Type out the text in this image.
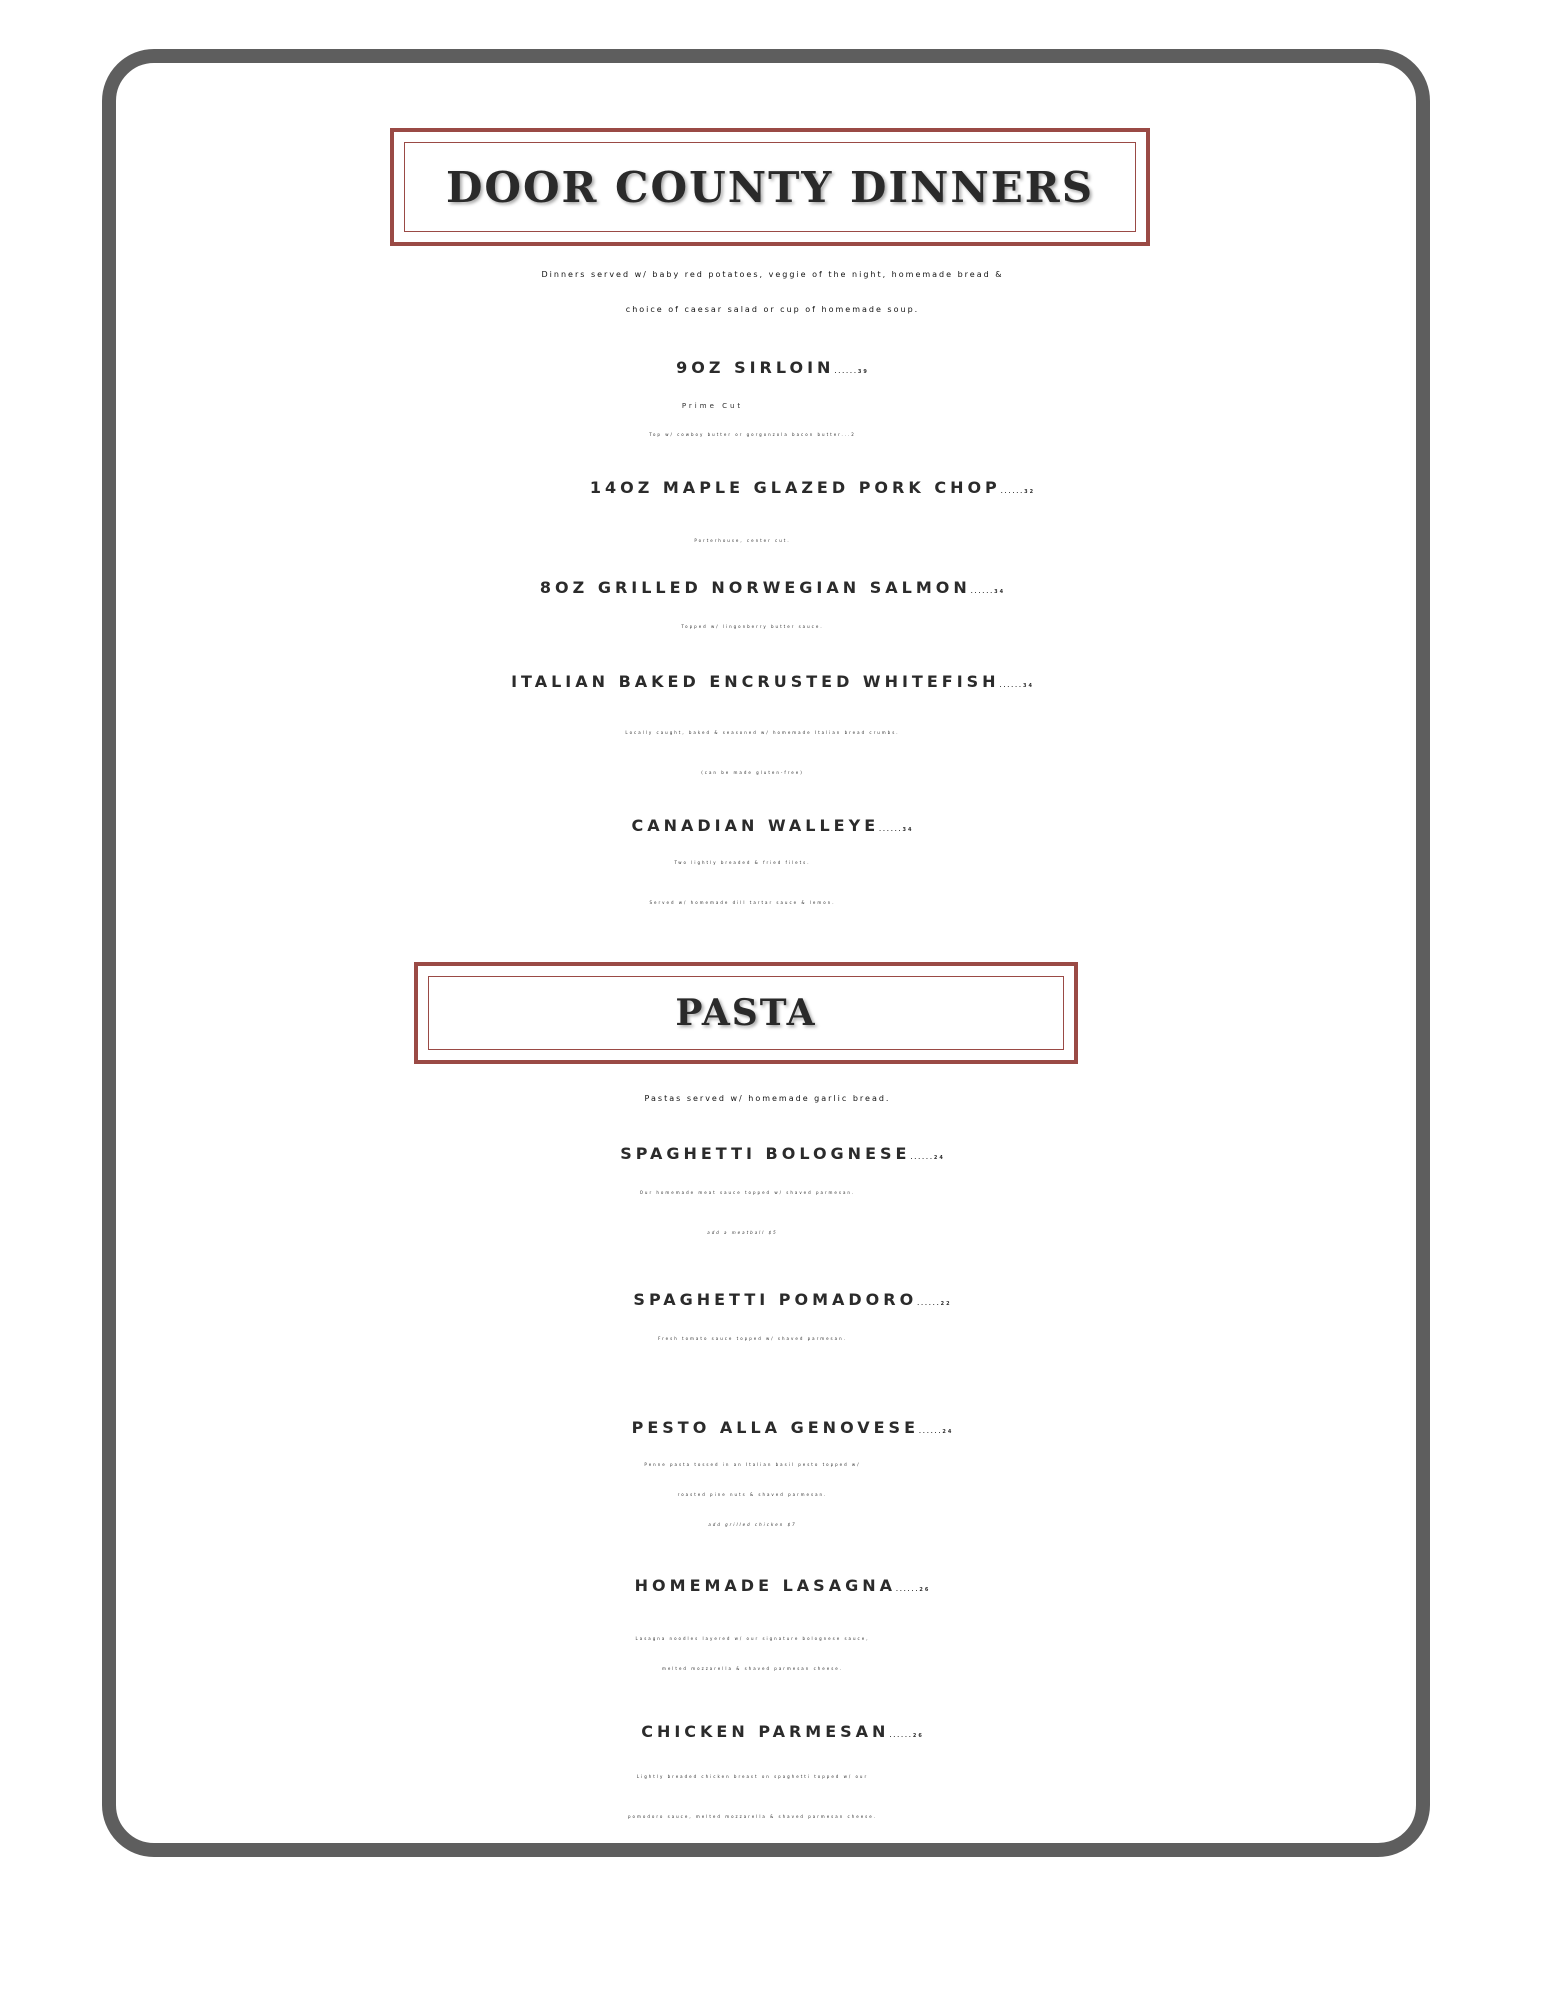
DOOR COUNTY DINNERS
Dinners served w/ baby red potatoes, veggie of the night, homemade bread &
choice of caesar salad or cup of homemade soup.
9OZ SIRLOIN ......39
Prime Cut
Top w/ cowboy butter or gorgonzola bacon butter...2
14OZ MAPLE GLAZED PORK CHOP......32
Porterhouse, center cut.
8OZ GRILLED NORWEGIAN SALMON ......34
Topped w/ lingonberry butter sauce.
ITALIAN BAKED ENCRUSTED WHITEFISH ......34
Locally caught, baked & seasoned w/ homemade Italian bread crumbs.
(can be made gluten-free)
CANADIAN WALLEYE ......34
Two lightly breaded & fried filets.
Served w/ homemade dill tartar sauce & lemon.
PASTA
Pastas served w/ homemade garlic bread.
SPAGHETTI BOLOGNESE......24
Our homemade meat sauce topped w/ shaved parmesan.
add a meatball $5
SPAGHETTI POMADORO ......22
Fresh tomato sauce topped w/ shaved parmesan.
PESTO ALLA GENOVESE ......24
Penne pasta tossed in an Italian basil pesto topped w/
roasted pine nuts & shaved parmesan.
add grilled chicken $7
HOMEMADE LASAGNA ......26
Lasagna noodles layered w/ our signature bolognese sauce,
melted mozzarella & shaved parmesan cheese.
CHICKEN PARMESAN......26
Lightly breaded chicken breast on spaghetti topped w/ our
pomodoro sauce, melted mozzarella & shaved parmesan cheese.
